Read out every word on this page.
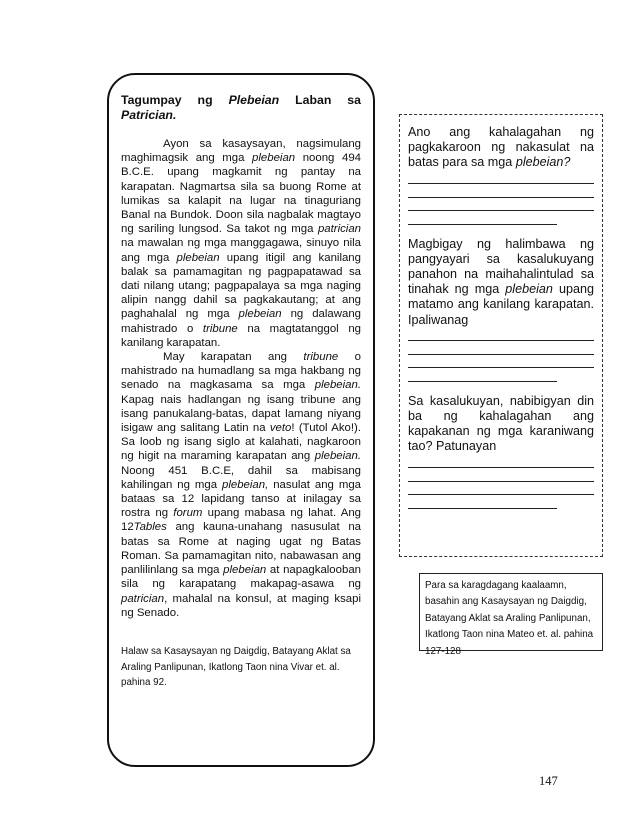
Tagumpay ng Plebeian Laban sa
Patrician.

Ayon sa kasaysayan, nagsimulang maghimagsik ang mga plebeian noong 494 B.C.E. upang magkamit ng pantay na karapatan. Nagmartsa sila sa buong Rome at lumikas sa kalapit na lugar na tinaguriang Banal na Bundok. Doon sila nagbalak magtayo ng sariling lungsod. Sa takot ng mga patrician na mawalan ng mga manggagawa, sinuyo nila ang mga plebeian upang itigil ang kanilang balak sa pamamagitan ng pagpapatawad sa dati nilang utang; pagpapalaya sa mga naging alipin nangg dahil sa pagkakautang; at ang paghahalal ng mga plebeian ng dalawang mahistrado o tribune na magtatanggol ng kanilang karapatan.

May karapatan ang tribune o mahistrado na humadlang sa mga hakbang ng senado na magkasama sa mga plebeian. Kapag nais hadlangan ng isang tribune ang isang panukalang-batas, dapat lamang niyang isigaw ang salitang Latin na veto! (Tutol Ako!). Sa loob ng isang siglo at kalahati, nagkaroon ng higit na maraming karapatan ang plebeian. Noong 451 B.C.E, dahil sa mabisang kahilingan ng mga plebeian, nasulat ang mga bataas sa 12 lapidang tanso at inilagay sa rostra ng forum upang mabasa ng lahat. Ang 12Tables ang kauna-unahang nasusulat na batas sa Rome at naging ugat ng Batas Roman. Sa pamamagitan nito, nabawasan ang panlilinlang sa mga plebeian at napagkalooban sila ng karapatang makapag-asawa ng patrician, mahalal na konsul, at maging ksapi ng Senado.

Halaw sa Kasaysayan ng Daigdig, Batayang Aklat sa Araling Panlipunan, Ikatlong Taon nina Vivar et. al. pahina 92.

Ano ang kahalagahan ng pagkakaroon ng nakasulat na batas para sa mga plebeian?

Magbigay ng halimbawa ng pangyayari sa kasalukuyang panahon na maihahalintulad sa tinahak ng mga plebeian upang matamo ang kanilang karapatan. Ipaliwanag

Sa kasalukuyan, nabibigyan din ba ng kahalagahan ang kapakanan ng mga karaniwang tao? Patunayan

Para sa karagdagang kaalaamn, basahin ang Kasaysayan ng Daigdig, Batayang Aklat sa Araling Panlipunan, Ikatlong Taon nina Mateo et. al. pahina 127-128
147
